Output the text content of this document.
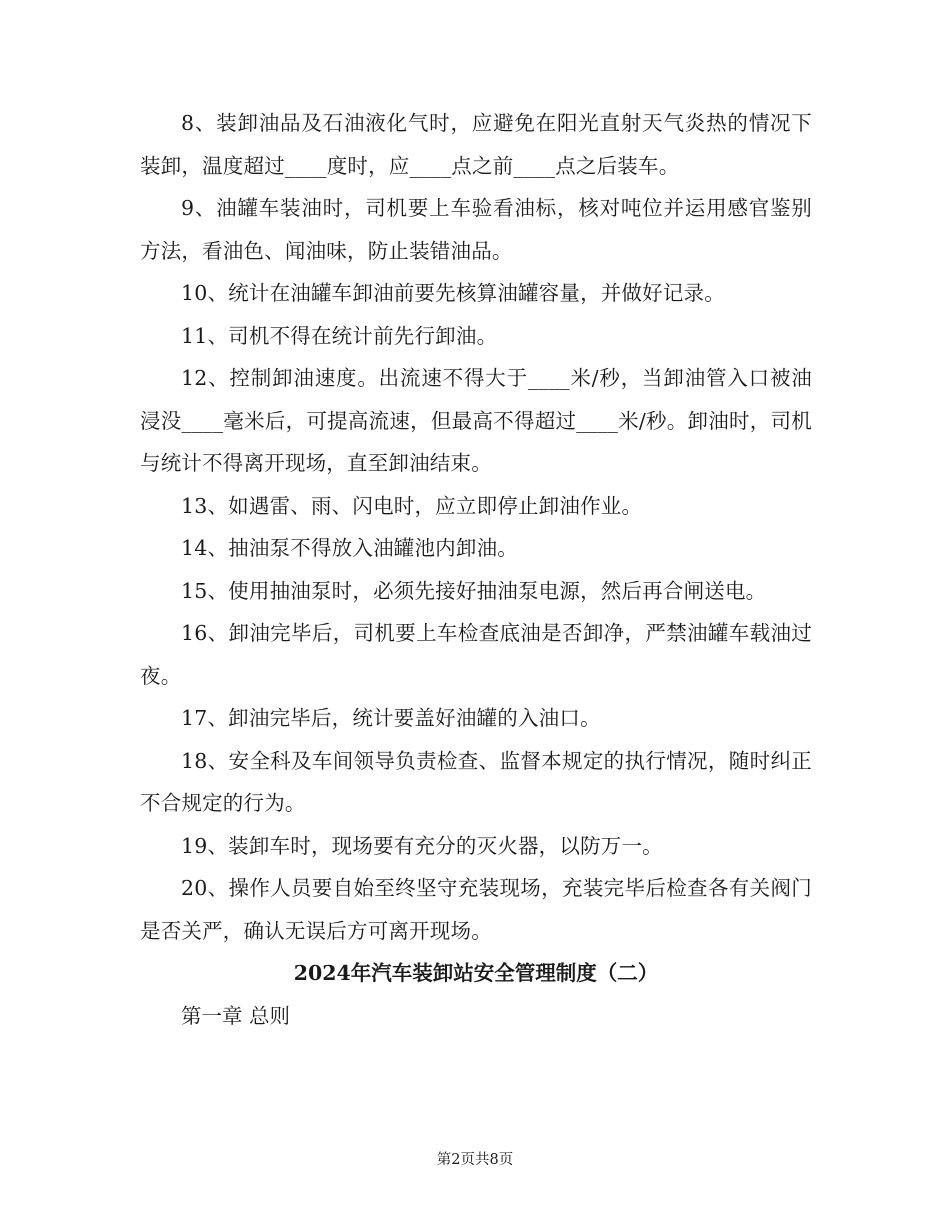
8、装卸油品及石油液化气时，应避免在阳光直射天气炎热的情况下装卸，温度超过____度时，应____点之前____点之后装车。

9、油罐车装油时，司机要上车验看油标，核对吨位并运用感官鉴别方法，看油色、闻油味，防止装错油品。

10、统计在油罐车卸油前要先核算油罐容量，并做好记录。

11、司机不得在统计前先行卸油。

12、控制卸油速度。出流速不得大于____米/秒，当卸油管入口被油浸没____毫米后，可提高流速，但最高不得超过____米/秒。卸油时，司机与统计不得离开现场，直至卸油结束。

13、如遇雷、雨、闪电时，应立即停止卸油作业。

14、抽油泵不得放入油罐池内卸油。

15、使用抽油泵时，必须先接好抽油泵电源，然后再合闸送电。

16、卸油完毕后，司机要上车检查底油是否卸净，严禁油罐车载油过夜。

17、卸油完毕后，统计要盖好油罐的入油口。

18、安全科及车间领导负责检查、监督本规定的执行情况，随时纠正不合规定的行为。

19、装卸车时，现场要有充分的灭火器，以防万一。

20、操作人员要自始至终坚守充装现场，充装完毕后检查各有关阀门是否关严，确认无误后方可离开现场。

2024年汽车装卸站安全管理制度（二）

第一章 总则

第2页共8页
